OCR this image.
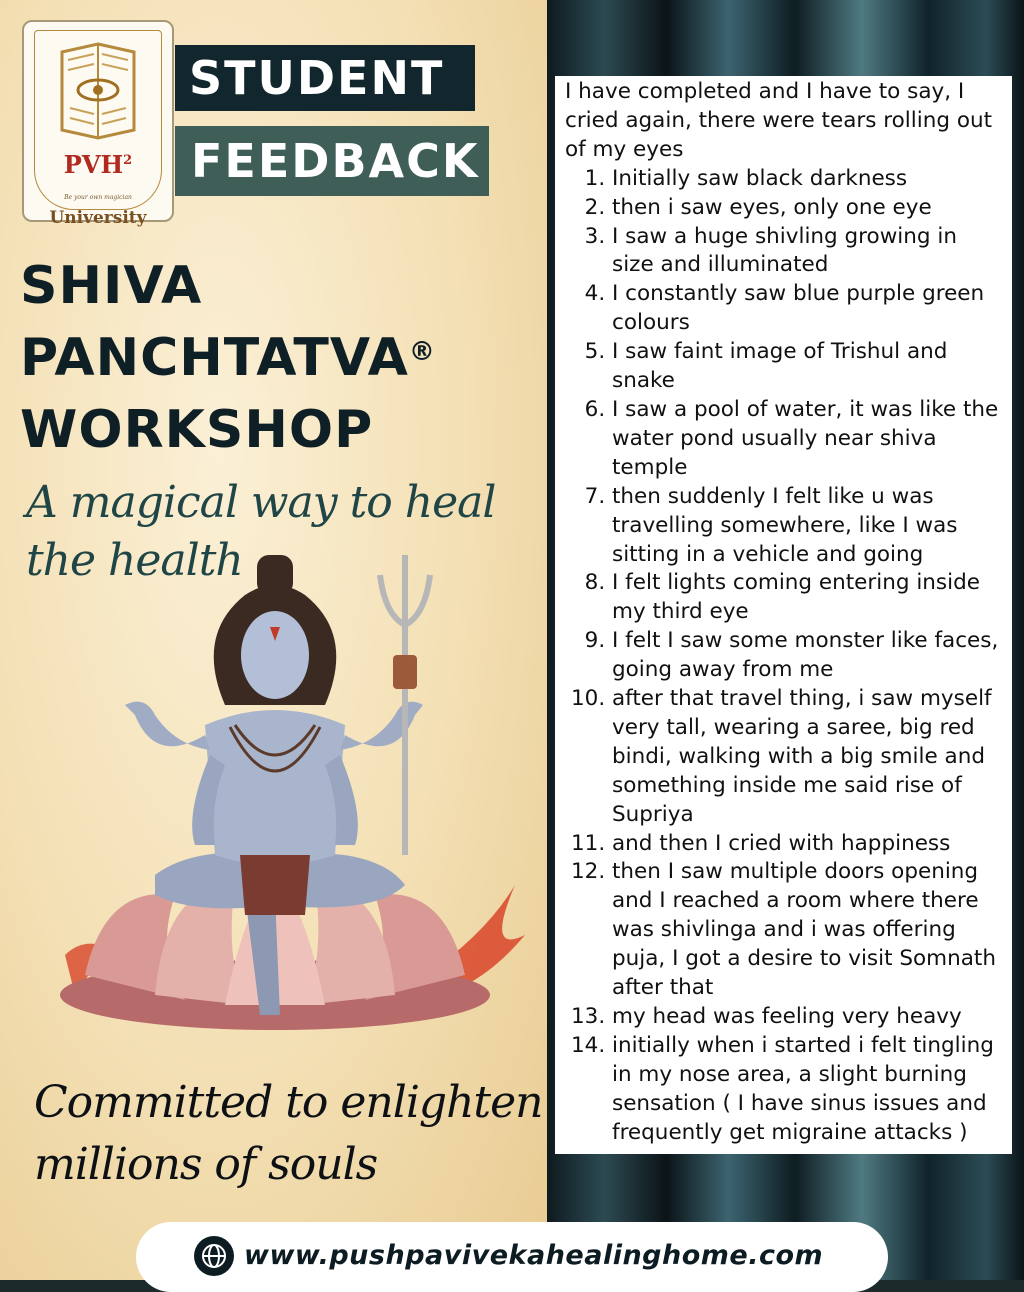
PVH$^2$
Be your own magician
University
STUDENT
FEEDBACK
SHIVA
PANCHTATVA®
WORKSHOP
A magical way to heal the health
Committed to enlighten millions of souls
I have completed and I have to say, I cried again, there were tears rolling out of my eyes
1. Initially saw black darkness
2. then i saw eyes, only one eye
3. I saw a huge shivling growing in size and illuminated
4. I constantly saw blue purple green colours
5. I saw faint image of Trishul and snake
6. I saw a pool of water, it was like the water pond usually near shiva temple
7. then suddenly I felt like u was travelling somewhere, like I was sitting in a vehicle and going
8. I felt lights coming entering inside my third eye
9. I felt I saw some monster like faces, going away from me
10. after that travel thing, i saw myself very tall, wearing a saree, big red bindi, walking with a big smile and something inside me said rise of Supriya
11. and then I cried with happiness
12. then I saw multiple doors opening and I reached a room where there was shivlinga and i was offering puja, I got a desire to visit Somnath after that
13. my head was feeling very heavy
14. initially when i started i felt tingling in my nose area, a slight burning sensation ( I have sinus issues and frequently get migraine attacks )
www.pushpavivekahealinghome.com
